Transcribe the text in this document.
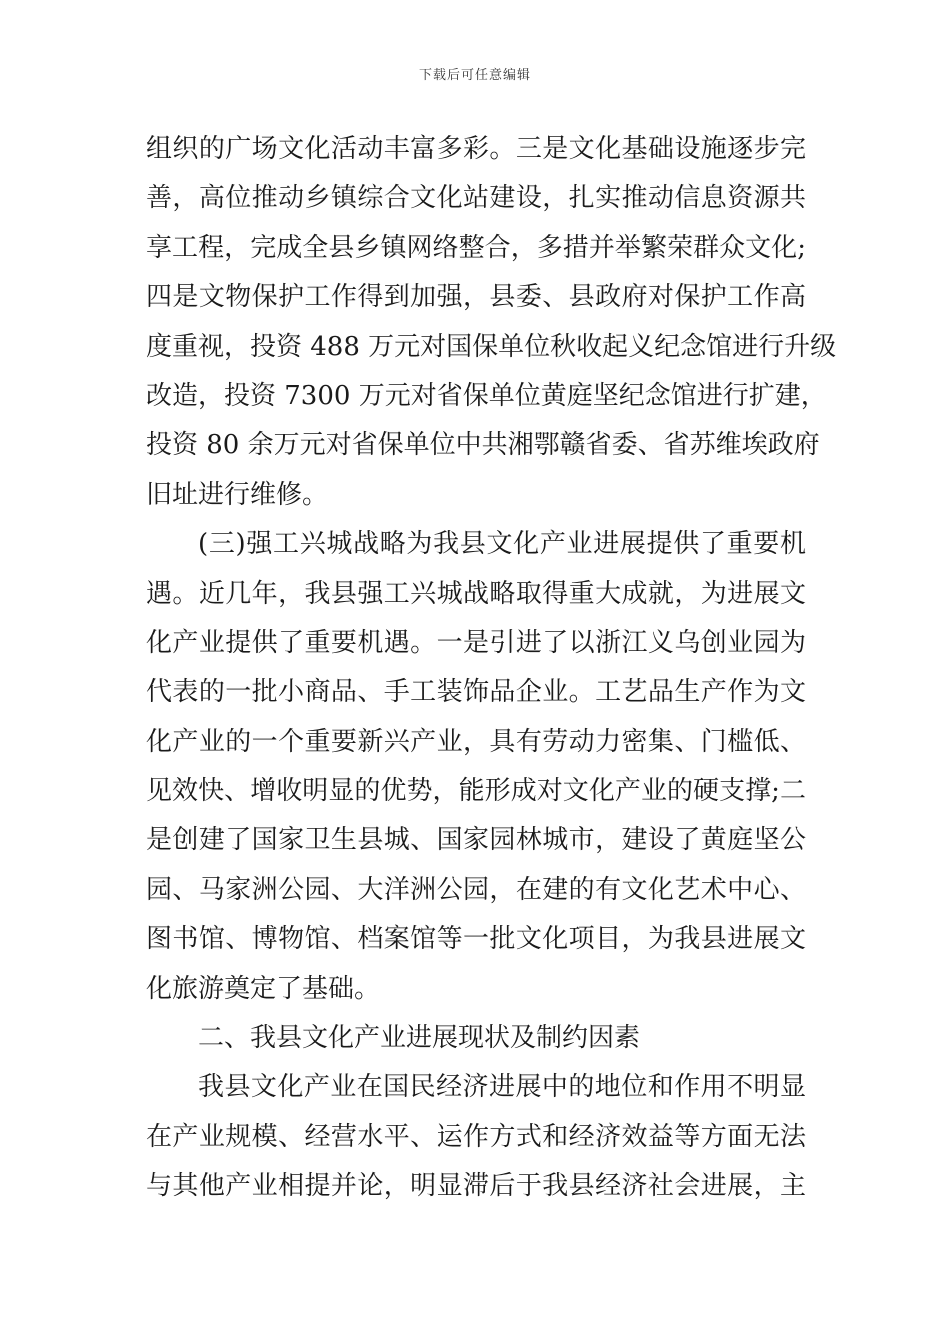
下载后可任意编辑
组织的广场文化活动丰富多彩。三是文化基础设施逐步完
善，高位推动乡镇综合文化站建设，扎实推动信息资源共
享工程，完成全县乡镇网络整合，多措并举繁荣群众文化;
四是文物保护工作得到加强，县委、县政府对保护工作高
度重视，投资 488 万元对国保单位秋收起义纪念馆进行升级
改造，投资 7300 万元对省保单位黄庭坚纪念馆进行扩建，
投资 80 余万元对省保单位中共湘鄂赣省委、省苏维埃政府
旧址进行维修。
(三)强工兴城战略为我县文化产业进展提供了重要机
遇。近几年，我县强工兴城战略取得重大成就，为进展文
化产业提供了重要机遇。一是引进了以浙江义乌创业园为
代表的一批小商品、手工装饰品企业。工艺品生产作为文
化产业的一个重要新兴产业，具有劳动力密集、门槛低、
见效快、增收明显的优势，能形成对文化产业的硬支撑;二
是创建了国家卫生县城、国家园林城市，建设了黄庭坚公
园、马家洲公园、大洋洲公园，在建的有文化艺术中心、
图书馆、博物馆、档案馆等一批文化项目，为我县进展文
化旅游奠定了基础。
二、我县文化产业进展现状及制约因素
我县文化产业在国民经济进展中的地位和作用不明显
在产业规模、经营水平、运作方式和经济效益等方面无法
与其他产业相提并论，明显滞后于我县经济社会进展，主
